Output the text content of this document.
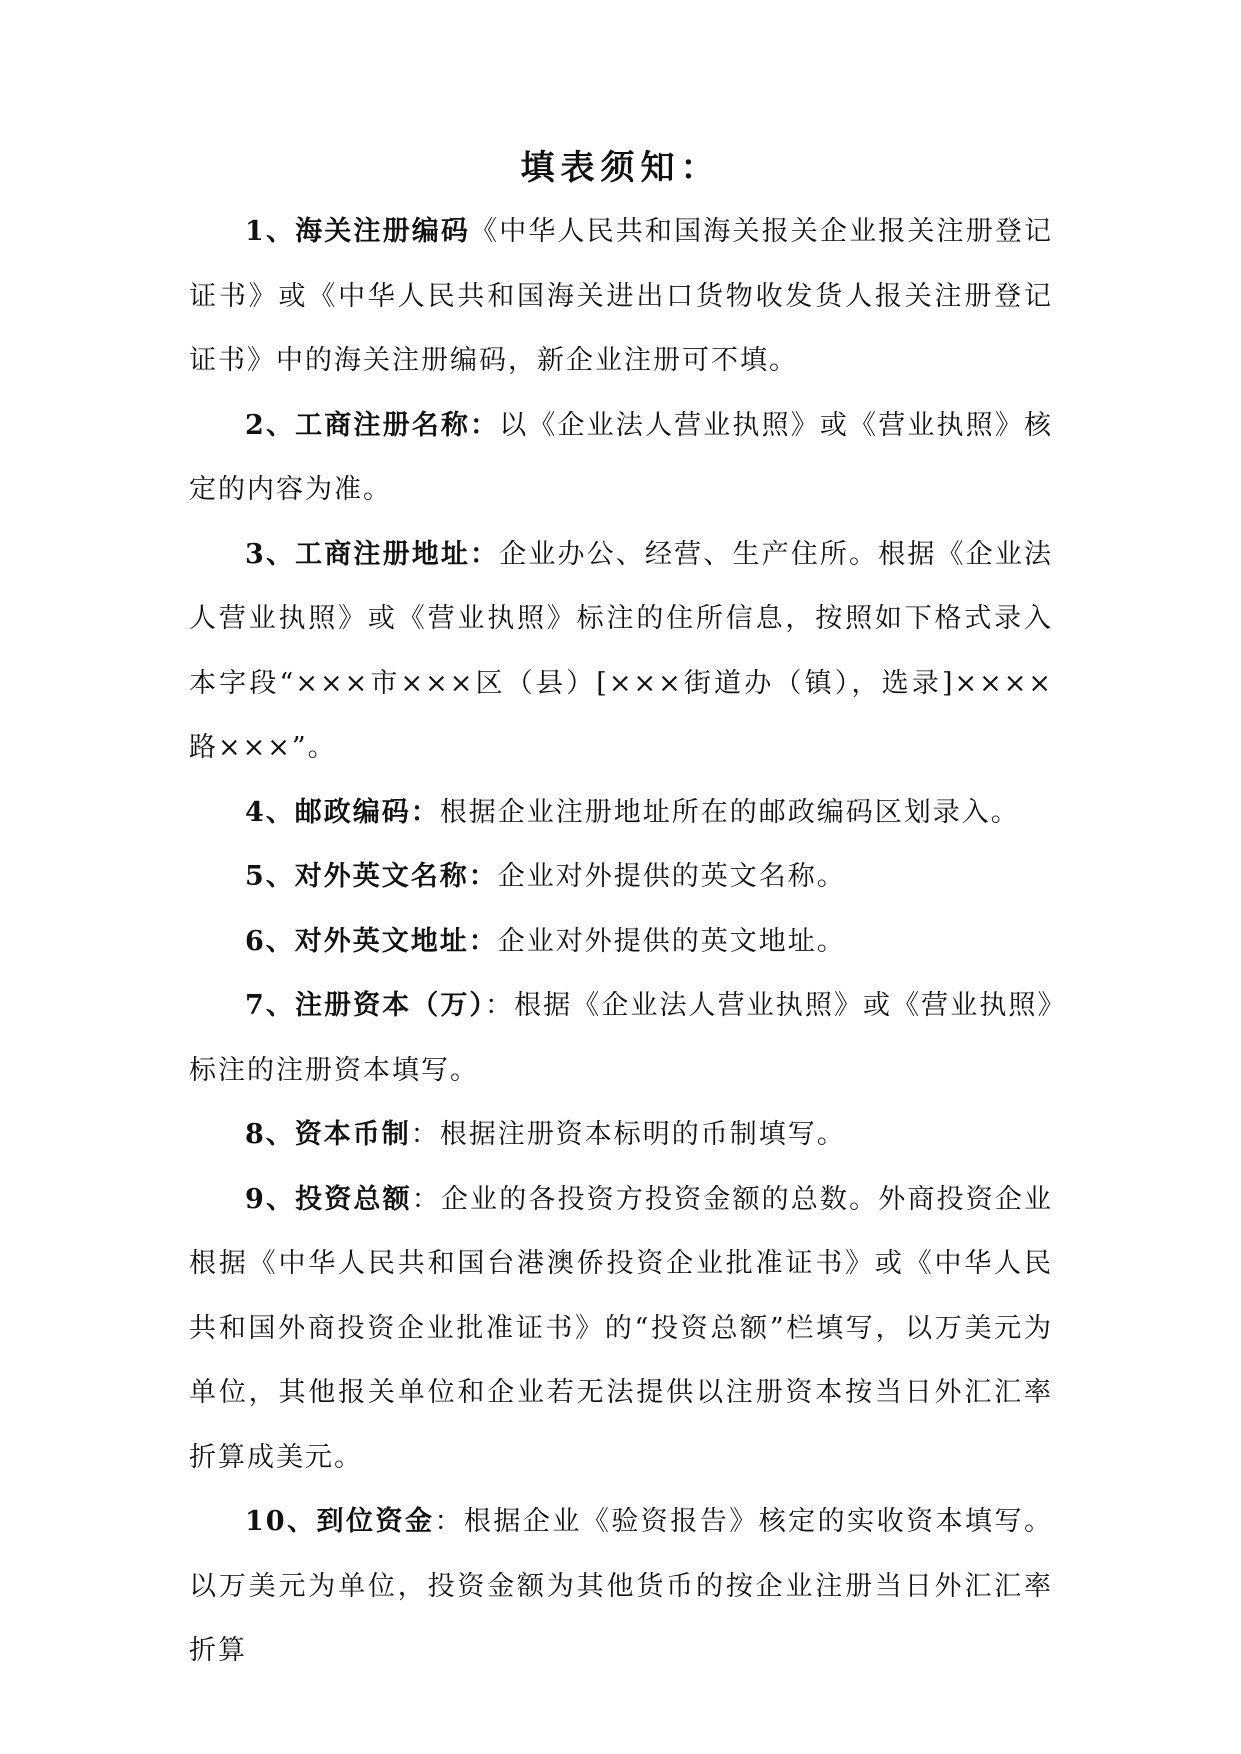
填表须知：

1、海关注册编码《中华人民共和国海关报关企业报关注册登记证书》或《中华人民共和国海关进出口货物收发货人报关注册登记证书》中的海关注册编码，新企业注册可不填。

2、工商注册名称：以《企业法人营业执照》或《营业执照》核定的内容为准。

3、工商注册地址：企业办公、经营、生产住所。根据《企业法人营业执照》或《营业执照》标注的住所信息，按照如下格式录入本字段“×××市×××区（县）[×××街道办（镇），选录]××××路×××”。

4、邮政编码：根据企业注册地址所在的邮政编码区划录入。

5、对外英文名称：企业对外提供的英文名称。

6、对外英文地址：企业对外提供的英文地址。

7、注册资本（万）：根据《企业法人营业执照》或《营业执照》标注的注册资本填写。

8、资本币制：根据注册资本标明的币制填写。

9、投资总额：企业的各投资方投资金额的总数。外商投资企业根据《中华人民共和国台港澳侨投资企业批准证书》或《中华人民共和国外商投资企业批准证书》的“投资总额”栏填写，以万美元为单位，其他报关单位和企业若无法提供以注册资本按当日外汇汇率折算成美元。

10、到位资金：根据企业《验资报告》核定的实收资本填写。以万美元为单位，投资金额为其他货币的按企业注册当日外汇汇率折算
